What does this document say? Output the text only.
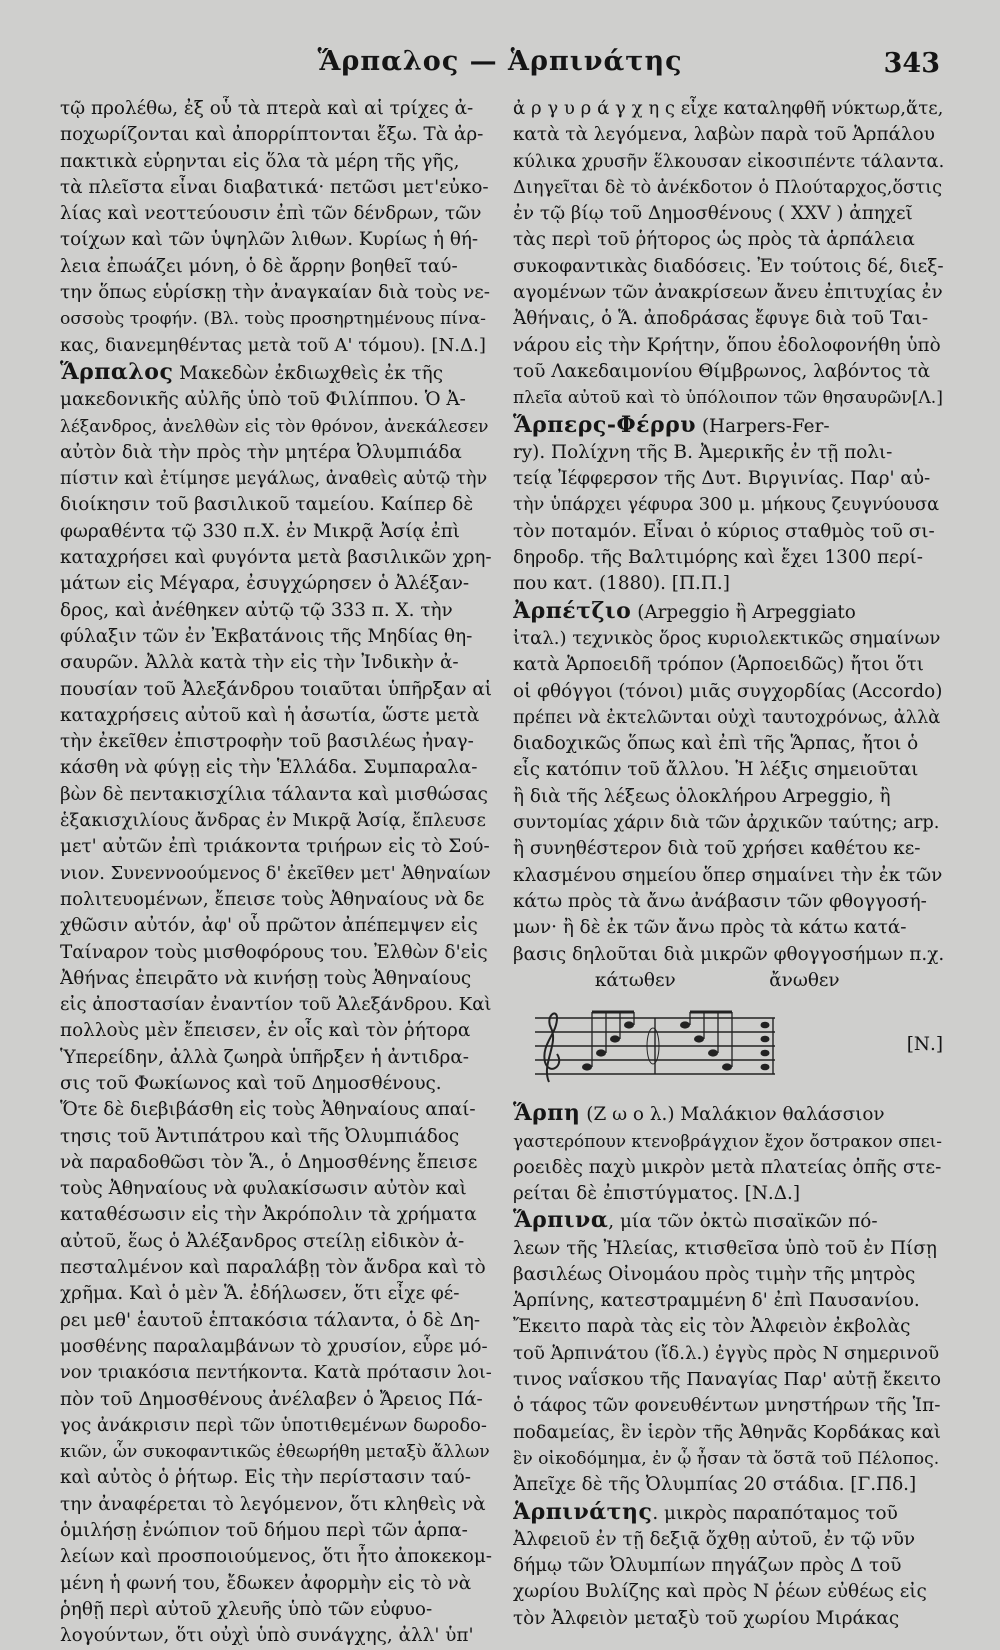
Ἅρπαλος — Ἁρπινάτης	343
τῷ προλέθω, ἐξ οὗ τὰ πτερὰ καὶ αἱ τρίχες ἀ-
ποχωρίζονται καὶ ἀπορρίπτονται ἔξω. Τὰ ἀρ-
πακτικὰ εὑρηνται εἰς ὅλα τὰ μέρη τῆς γῆς,
τὰ πλεῖστα εἶναι διαβατικά· πετῶσι μετ'εὐκο-
λίας καὶ νεοττεύουσιν ἐπὶ τῶν δένδρων, τῶν
τοίχων καὶ τῶν ὑψηλῶν λιθων. Κυρίως ἡ θή-
λεια ἐπωάζει μόνη, ὁ δὲ ἄρρην βοηθεῖ ταύ-
την ὅπως εὑρίσκῃ τὴν ἀναγκαίαν διὰ τοὺς νε-
οσσοὺς τροφήν. (Βλ. τοὺς προσηρτημένους πίνα-
κας, διανεμηθέντας μετὰ τοῦ Α' τόμου). [Ν.Δ.]
Ἅρπαλος Μακεδὼν ἐκδιωχθεὶς ἐκ τῆς
μακεδονικῆς αὐλῆς ὑπὸ τοῦ Φιλίππου. Ὁ Ἀ-
λέξανδρος, ἀνελθὼν εἰς τὸν θρόνον, ἀνεκάλεσεν
αὐτὸν διὰ τὴν πρὸς τὴν μητέρα Ὀλυμπιάδα
πίστιν καὶ ἐτίμησε μεγάλως, ἀναθεὶς αὐτῷ τὴν
διοίκησιν τοῦ βασιλικοῦ ταμείου. Καίπερ δὲ
φωραθέντα τῷ 330 π.Χ. ἐν Μικρᾷ Ἀσίᾳ ἐπὶ
καταχρήσει καὶ φυγόντα μετὰ βασιλικῶν χρη-
μάτων εἰς Μέγαρα, ἐσυγχώρησεν ὁ Ἀλέξαν-
δρος, καὶ ἀνέθηκεν αὐτῷ τῷ 333 π. Χ. τὴν
φύλαξιν τῶν ἐν Ἐκβατάνοις τῆς Μηδίας θη-
σαυρῶν. Ἀλλὰ κατὰ τὴν εἰς τὴν Ἰνδικὴν ἀ-
πουσίαν τοῦ Ἀλεξάνδρου τοιαῦται ὑπῆρξαν αἱ
καταχρήσεις αὐτοῦ καὶ ἡ ἀσωτία, ὥστε μετὰ
τὴν ἐκεῖθεν ἐπιστροφὴν τοῦ βασιλέως ἠναγ-
κάσθη νὰ φύγῃ εἰς τὴν Ἑλλάδα. Συμπαραλα-
βὼν δὲ πεντακισχίλια τάλαντα καὶ μισθώσας
ἑξακισχιλίους ἄνδρας ἐν Μικρᾷ Ἀσίᾳ, ἔπλευσε
μετ' αὐτῶν ἐπὶ τριάκοντα τριήρων εἰς τὸ Σού-
νιον. Συνεννοούμενος δ' ἐκεῖθεν μετ' Ἀθηναίων
πολιτευομένων, ἔπεισε τοὺς Ἀθηναίους νὰ δε
χθῶσιν αὐτόν, ἀφ' οὗ πρῶτον ἀπέπεμψεν εἰς
Ταίναρον τοὺς μισθοφόρους του. Ἐλθὼν δ'εἰς
Ἀθήνας ἐπειρᾶτο νὰ κινήσῃ τοὺς Ἀθηναίους
εἰς ἀποστασίαν ἐναντίον τοῦ Ἀλεξάνδρου. Καὶ
πολλοὺς μὲν ἔπεισεν, ἐν οἷς καὶ τὸν ῥήτορα
Ὑπερείδην, ἀλλὰ ζωηρὰ ὑπῆρξεν ἡ ἀντιδρα-
σις τοῦ Φωκίωνος καὶ τοῦ Δημοσθένους.
Ὅτε δὲ διεβιβάσθη εἰς τοὺς Ἀθηναίους απαί-
τησις τοῦ Ἀντιπάτρου καὶ τῆς Ὀλυμπιάδος
νὰ παραδοθῶσι τὸν Ἅ., ὁ Δημοσθένης ἔπεισε
τοὺς Ἀθηναίους νὰ φυλακίσωσιν αὐτὸν καὶ
καταθέσωσιν εἰς τὴν Ἀκρόπολιν τὰ χρήματα
αὐτοῦ, ἕως ὁ Ἀλέξανδρος στείλῃ εἰδικὸν ἀ-
πεσταλμένον καὶ παραλάβῃ τὸν ἄνδρα καὶ τὸ
χρῆμα. Καὶ ὁ μὲν Ἅ. ἐδήλωσεν, ὅτι εἶχε φέ-
ρει μεθ' ἑαυτοῦ ἑπτακόσια τάλαντα, ὁ δὲ Δη-
μοσθένης παραλαμβάνων τὸ χρυσίον, εὗρε μό-
νον τριακόσια πεντήκοντα. Κατὰ πρότασιν λοι-
πὸν τοῦ Δημοσθένους ἀνέλαβεν ὁ Ἄρειος Πά-
γος ἀνάκρισιν περὶ τῶν ὑποτιθεμένων δωροδο-
κιῶν, ὧν συκοφαντικῶς ἐθεωρήθη μεταξὺ ἄλλων
καὶ αὐτὸς ὁ ῥήτωρ. Εἰς τὴν περίστασιν ταύ-
την ἀναφέρεται τὸ λεγόμενον, ὅτι κληθεὶς νὰ
ὁμιλήσῃ ἐνώπιον τοῦ δήμου περὶ τῶν ἁρπα-
λείων καὶ προσποιούμενος, ὅτι ἦτο ἀποκεκομ-
μένη ἡ φωνή του, ἔδωκεν ἀφορμὴν εἰς τὸ νὰ
ῥηθῇ περὶ αὐτοῦ χλευῆς ὑπὸ τῶν εὐφυο-
λογούντων, ὅτι οὐχὶ ὑπὸ συνάγχης, ἀλλ' ὑπ'
ἀ ρ γ υ ρ ά γ χ η ς εἶχε καταληφθῆ νύκτωρ,ἅτε,
κατὰ τὰ λεγόμενα, λαβὼν παρὰ τοῦ Ἁρπάλου
κύλικα χρυσῆν ἕλκουσαν εἰκοσιπέντε τάλαντα.
Διηγεῖται δὲ τὸ ἀνέκδοτον ὁ Πλούταρχος,ὅστις
ἐν τῷ βίῳ τοῦ Δημοσθένους ( XXV ) ἀπηχεῖ
τὰς περὶ τοῦ ῥήτορος ὡς πρὸς τὰ ἁρπάλεια
συκοφαντικὰς διαδόσεις. Ἐν τούτοις δέ, διεξ-
αγομένων τῶν ἀνακρίσεων ἄνευ ἐπιτυχίας ἐν
Ἀθήναις, ὁ Ἅ. ἀποδράσας ἔφυγε διὰ τοῦ Ται-
νάρου εἰς τὴν Κρήτην, ὅπου ἐδολοφονήθη ὑπὸ
τοῦ Λακεδαιμονίου Θίμβρωνος, λαβόντος τὰ
πλεῖα αὐτοῦ καὶ τὸ ὑπόλοιπον τῶν θησαυρῶν[Λ.]
Ἅρπερς-Φέρρυ (Harpers-Fer-
ry). Πολίχνη τῆς Β. Ἀμερικῆς ἐν τῇ πολι-
τείᾳ Ἰέφφερσον τῆς Δυτ. Βιργινίας. Παρ' αὐ-
τὴν ὑπάρχει γέφυρα 300 μ. μήκους ζευγνύουσα
τὸν ποταμόν. Εἶναι ὁ κύριος σταθμὸς τοῦ σι-
δηροδρ. τῆς Βαλτιμόρης καὶ ἔχει 1300 περί-
που κατ. (1880). [Π.Π.]
Ἀρπέτζιο (Arpeggio ἢ Arpeggiato
ἰταλ.) τεχνικὸς ὅρος κυριολεκτικῶς σημαίνων
κατὰ Ἁρποειδῆ τρόπον (Ἁρποειδῶς) ἤτοι ὅτι
οἱ φθόγγοι (τόνοι) μιᾶς συγχορδίας (Accordo)
πρέπει νὰ ἐκτελῶνται οὐχὶ ταυτοχρόνως, ἀλλὰ
διαδοχικῶς ὅπως καὶ ἐπὶ τῆς Ἅρπας, ἤτοι ὁ
εἷς κατόπιν τοῦ ἄλλου. Ἡ λέξις σημειοῦται
ἢ διὰ τῆς λέξεως ὁλοκλήρου Arpeggio, ἢ
συντομίας χάριν διὰ τῶν ἀρχικῶν ταύτης; arp.
ἢ συνηθέστερον διὰ τοῦ χρήσει καθέτου κε-
κλασμένου σημείου ὅπερ σημαίνει τὴν ἐκ τῶν
κάτω πρὸς τὰ ἄνω ἀνάβασιν τῶν φθογγοσή-
μων· ἢ δὲ ἐκ τῶν ἄνω πρὸς τὰ κάτω κατά-
βασις δηλοῦται διὰ μικρῶν φθογγοσήμων π.χ.
κάτωθεν                ἄνωθεν
[Ν.]
Ἅρπη (Ζ ω ο λ.) Μαλάκιον θαλάσσιον
γαστερόπουν κτενοβράγχιον ἔχον ὄστρακον σπει-
ροειδὲς παχὺ μικρὸν μετὰ πλατείας ὀπῆς στε-
ρείται δὲ ἐπιστύγματος. [Ν.Δ.]
Ἅρπινα, μία τῶν ὀκτὼ πισαϊκῶν πό-
λεων τῆς Ἠλείας, κτισθεῖσα ὑπὸ τοῦ ἐν Πίσῃ
βασιλέως Οἰνομάου πρὸς τιμὴν τῆς μητρὸς
Ἁρπίνης, κατεστραμμένη δ' ἐπὶ Παυσανίου.
Ἔκειτο παρὰ τὰς εἰς τὸν Ἀλφειὸν ἐκβολὰς
τοῦ Ἁρπινάτου (ἴδ.λ.) ἐγγὺς πρὸς Ν σημερινοῦ
τινος ναΐσκου τῆς Παναγίας Παρ' αὐτῇ ἔκειτο
ὁ τάφος τῶν φονευθέντων μνηστήρων τῆς Ἱπ-
ποδαμείας, ἓν ἱερὸν τῆς Ἀθηνᾶς Κορδάκας καὶ
ἓν οἰκοδόμημα, ἐν ᾧ ἦσαν τὰ ὅστᾶ τοῦ Πέλοπος.
Ἀπεῖχε δὲ τῆς Ὀλυμπίας 20 στάδια. [Γ.Πδ.]
Ἁρπινάτης. μικρὸς παραπόταμος τοῦ
Ἀλφειοῦ ἐν τῇ δεξιᾷ ὄχθῃ αὐτοῦ, ἐν τῷ νῦν
δήμῳ τῶν Ὀλυμπίων πηγάζων πρὸς Δ τοῦ
χωρίου Βυλίζης καὶ πρὸς Ν ῥέων εὐθέως εἰς
τὸν Ἀλφειὸν μεταξὺ τοῦ χωρίου Μιράκας
